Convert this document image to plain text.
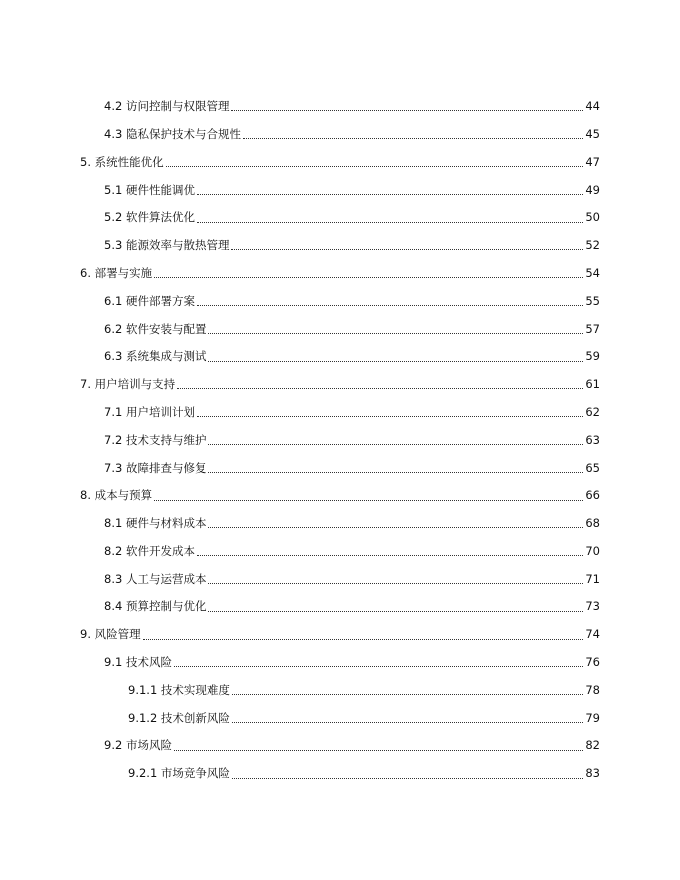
4.2 访问控制与权限管理	44
4.3 隐私保护技术与合规性	45
5. 系统性能优化	47
5.1 硬件性能调优	49
5.2 软件算法优化	50
5.3 能源效率与散热管理	52
6. 部署与实施	54
6.1 硬件部署方案	55
6.2 软件安装与配置	57
6.3 系统集成与测试	59
7. 用户培训与支持	61
7.1 用户培训计划	62
7.2 技术支持与维护	63
7.3 故障排查与修复	65
8. 成本与预算	66
8.1 硬件与材料成本	68
8.2 软件开发成本	70
8.3 人工与运营成本	71
8.4 预算控制与优化	73
9. 风险管理	74
9.1 技术风险	76
9.1.1 技术实现难度	78
9.1.2 技术创新风险	79
9.2 市场风险	82
9.2.1 市场竞争风险	83
